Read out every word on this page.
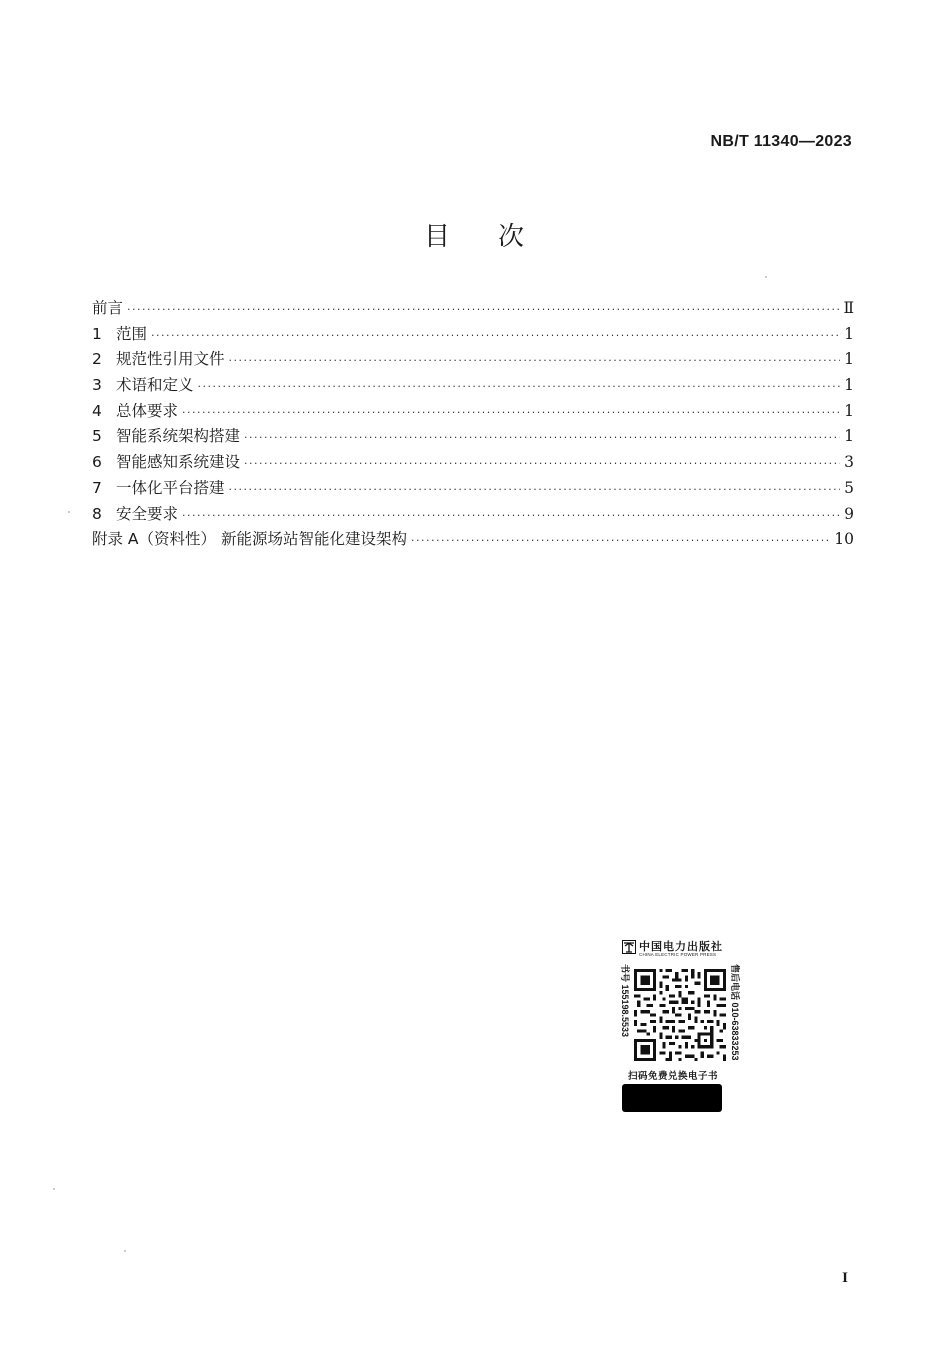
NB/T 11340—2023
目 次
前言 ·····	Ⅱ
1 范围 ·····	1
2 规范性引用文件 ·····	1
3 术语和定义 ·····	1
4 总体要求 ·····	1
5 智能系统架构搭建 ·····	1
6 智能感知系统建设 ·····	3
7 一体化平台搭建 ·····	5
8 安全要求 ·····	9
附录 A（资料性） 新能源场站智能化建设架构 ·····	10
中国电力出版社
CHINA ELECTRIC POWER PRESS
书号 155198.5533	售后电话 010-63833253
扫码免费兑换电子书
I
